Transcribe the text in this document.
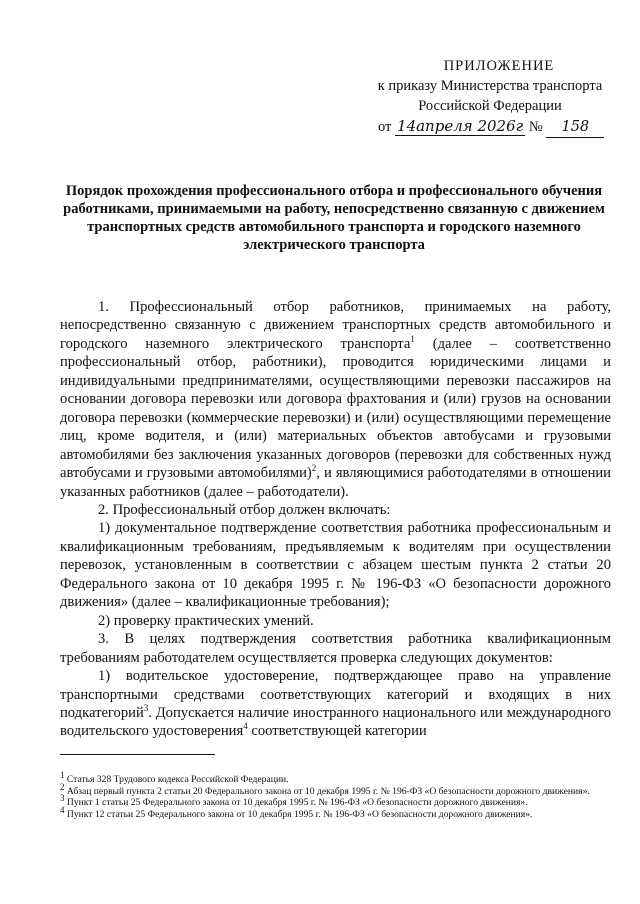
ПРИЛОЖЕНИЕ
к приказу Министерства транспорта
Российской Федерации
от 14апреля 2026г № 158
Порядок прохождения профессионального отбора и профессионального обучения работниками, принимаемыми на работу, непосредственно связанную с движением транспортных средств автомобильного транспорта и городского наземного электрического транспорта

1. Профессиональный отбор работников, принимаемых на работу, непосредственно связанную с движением транспортных средств автомобильного и городского наземного электрического транспорта$^1$ (далее – соответственно профессиональный отбор, работники), проводится юридическими лицами и индивидуальными предпринимателями, осуществляющими перевозки пассажиров на основании договора перевозки или договора фрахтования и (или) грузов на основании договора перевозки (коммерческие перевозки) и (или) осуществляющими перемещение лиц, кроме водителя, и (или) материальных объектов автобусами и грузовыми автомобилями без заключения указанных договоров (перевозки для собственных нужд автобусами и грузовыми автомобилями)$^2$, и являющимися работодателями в отношении указанных работников (далее – работодатели).

2. Профессиональный отбор должен включать:

1) документальное подтверждение соответствия работника профессиональным и квалификационным требованиям, предъявляемым к водителям при осуществлении перевозок, установленным в соответствии с абзацем шестым пункта 2 статьи 20 Федерального закона от 10 декабря 1995 г. № 196-ФЗ «О безопасности дорожного движения» (далее – квалификационные требования);

2) проверку практических умений.

3. В целях подтверждения соответствия работника квалификационным требованиям работодателем осуществляется проверка следующих документов:

1) водительское удостоверение, подтверждающее право на управление транспортными средствами соответствующих категорий и входящих в них подкатегорий$^3$. Допускается наличие иностранного национального или международного водительского удостоверения$^4$ соответствующей категории

$^1$ Статья 328 Трудового кодекса Российской Федерации.
$^2$ Абзац первый пункта 2 статьи 20 Федерального закона от 10 декабря 1995 г. № 196-ФЗ «О безопасности дорожного движения».
$^3$ Пункт 1 статьи 25 Федерального закона от 10 декабря 1995 г. № 196-ФЗ «О безопасности дорожного движения».
$^4$ Пункт 12 статьи 25 Федерального закона от 10 декабря 1995 г. № 196-ФЗ «О безопасности дорожного движения».
